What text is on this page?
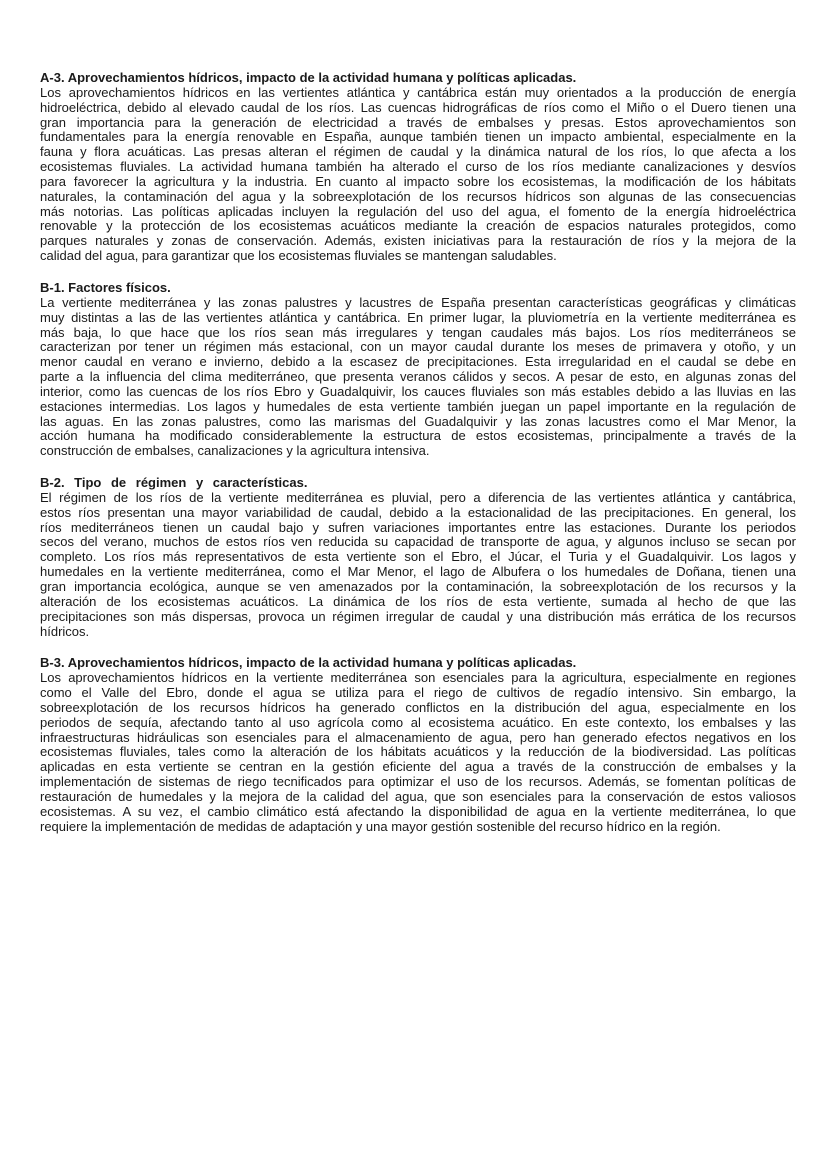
A-3. Aprovechamientos hídricos, impacto de la actividad humana y políticas aplicadas.
Los aprovechamientos hídricos en las vertientes atlántica y cantábrica están muy orientados a la producción de energía
hidroeléctrica, debido al elevado caudal de los ríos. Las cuencas hidrográficas de ríos como el Miño o el Duero tienen una
gran importancia para la generación de electricidad a través de embalses y presas. Estos aprovechamientos son
fundamentales para la energía renovable en España, aunque también tienen un impacto ambiental, especialmente en la
fauna y flora acuáticas. Las presas alteran el régimen de caudal y la dinámica natural de los ríos, lo que afecta a los
ecosistemas fluviales. La actividad humana también ha alterado el curso de los ríos mediante canalizaciones y desvíos
para favorecer la agricultura y la industria. En cuanto al impacto sobre los ecosistemas, la modificación de los hábitats
naturales, la contaminación del agua y la sobreexplotación de los recursos hídricos son algunas de las consecuencias
más notorias. Las políticas aplicadas incluyen la regulación del uso del agua, el fomento de la energía hidroeléctrica
renovable y la protección de los ecosistemas acuáticos mediante la creación de espacios naturales protegidos, como
parques naturales y zonas de conservación. Además, existen iniciativas para la restauración de ríos y la mejora de la
calidad del agua, para garantizar que los ecosistemas fluviales se mantengan saludables.
B-1. Factores físicos.
La vertiente mediterránea y las zonas palustres y lacustres de España presentan características geográficas y climáticas
muy distintas a las de las vertientes atlántica y cantábrica. En primer lugar, la pluviometría en la vertiente mediterránea es
más baja, lo que hace que los ríos sean más irregulares y tengan caudales más bajos. Los ríos mediterráneos se
caracterizan por tener un régimen más estacional, con un mayor caudal durante los meses de primavera y otoño, y un
menor caudal en verano e invierno, debido a la escasez de precipitaciones. Esta irregularidad en el caudal se debe en
parte a la influencia del clima mediterráneo, que presenta veranos cálidos y secos. A pesar de esto, en algunas zonas del
interior, como las cuencas de los ríos Ebro y Guadalquivir, los cauces fluviales son más estables debido a las lluvias en las
estaciones intermedias. Los lagos y humedales de esta vertiente también juegan un papel importante en la regulación de
las aguas. En las zonas palustres, como las marismas del Guadalquivir y las zonas lacustres como el Mar Menor, la
acción humana ha modificado considerablemente la estructura de estos ecosistemas, principalmente a través de la
construcción de embalses, canalizaciones y la agricultura intensiva.
B-2. Tipo de régimen y características.
El régimen de los ríos de la vertiente mediterránea es pluvial, pero a diferencia de las vertientes atlántica y cantábrica,
estos ríos presentan una mayor variabilidad de caudal, debido a la estacionalidad de las precipitaciones. En general, los
ríos mediterráneos tienen un caudal bajo y sufren variaciones importantes entre las estaciones. Durante los periodos
secos del verano, muchos de estos ríos ven reducida su capacidad de transporte de agua, y algunos incluso se secan por
completo. Los ríos más representativos de esta vertiente son el Ebro, el Júcar, el Turia y el Guadalquivir. Los lagos y
humedales en la vertiente mediterránea, como el Mar Menor, el lago de Albufera o los humedales de Doñana, tienen una
gran importancia ecológica, aunque se ven amenazados por la contaminación, la sobreexplotación de los recursos y la
alteración de los ecosistemas acuáticos. La dinámica de los ríos de esta vertiente, sumada al hecho de que las
precipitaciones son más dispersas, provoca un régimen irregular de caudal y una distribución más errática de los recursos
hídricos.
B-3. Aprovechamientos hídricos, impacto de la actividad humana y políticas aplicadas.
Los aprovechamientos hídricos en la vertiente mediterránea son esenciales para la agricultura, especialmente en regiones
como el Valle del Ebro, donde el agua se utiliza para el riego de cultivos de regadío intensivo. Sin embargo, la
sobreexplotación de los recursos hídricos ha generado conflictos en la distribución del agua, especialmente en los
periodos de sequía, afectando tanto al uso agrícola como al ecosistema acuático. En este contexto, los embalses y las
infraestructuras hidráulicas son esenciales para el almacenamiento de agua, pero han generado efectos negativos en los
ecosistemas fluviales, tales como la alteración de los hábitats acuáticos y la reducción de la biodiversidad. Las políticas
aplicadas en esta vertiente se centran en la gestión eficiente del agua a través de la construcción de embalses y la
implementación de sistemas de riego tecnificados para optimizar el uso de los recursos. Además, se fomentan políticas de
restauración de humedales y la mejora de la calidad del agua, que son esenciales para la conservación de estos valiosos
ecosistemas. A su vez, el cambio climático está afectando la disponibilidad de agua en la vertiente mediterránea, lo que
requiere la implementación de medidas de adaptación y una mayor gestión sostenible del recurso hídrico en la región.
